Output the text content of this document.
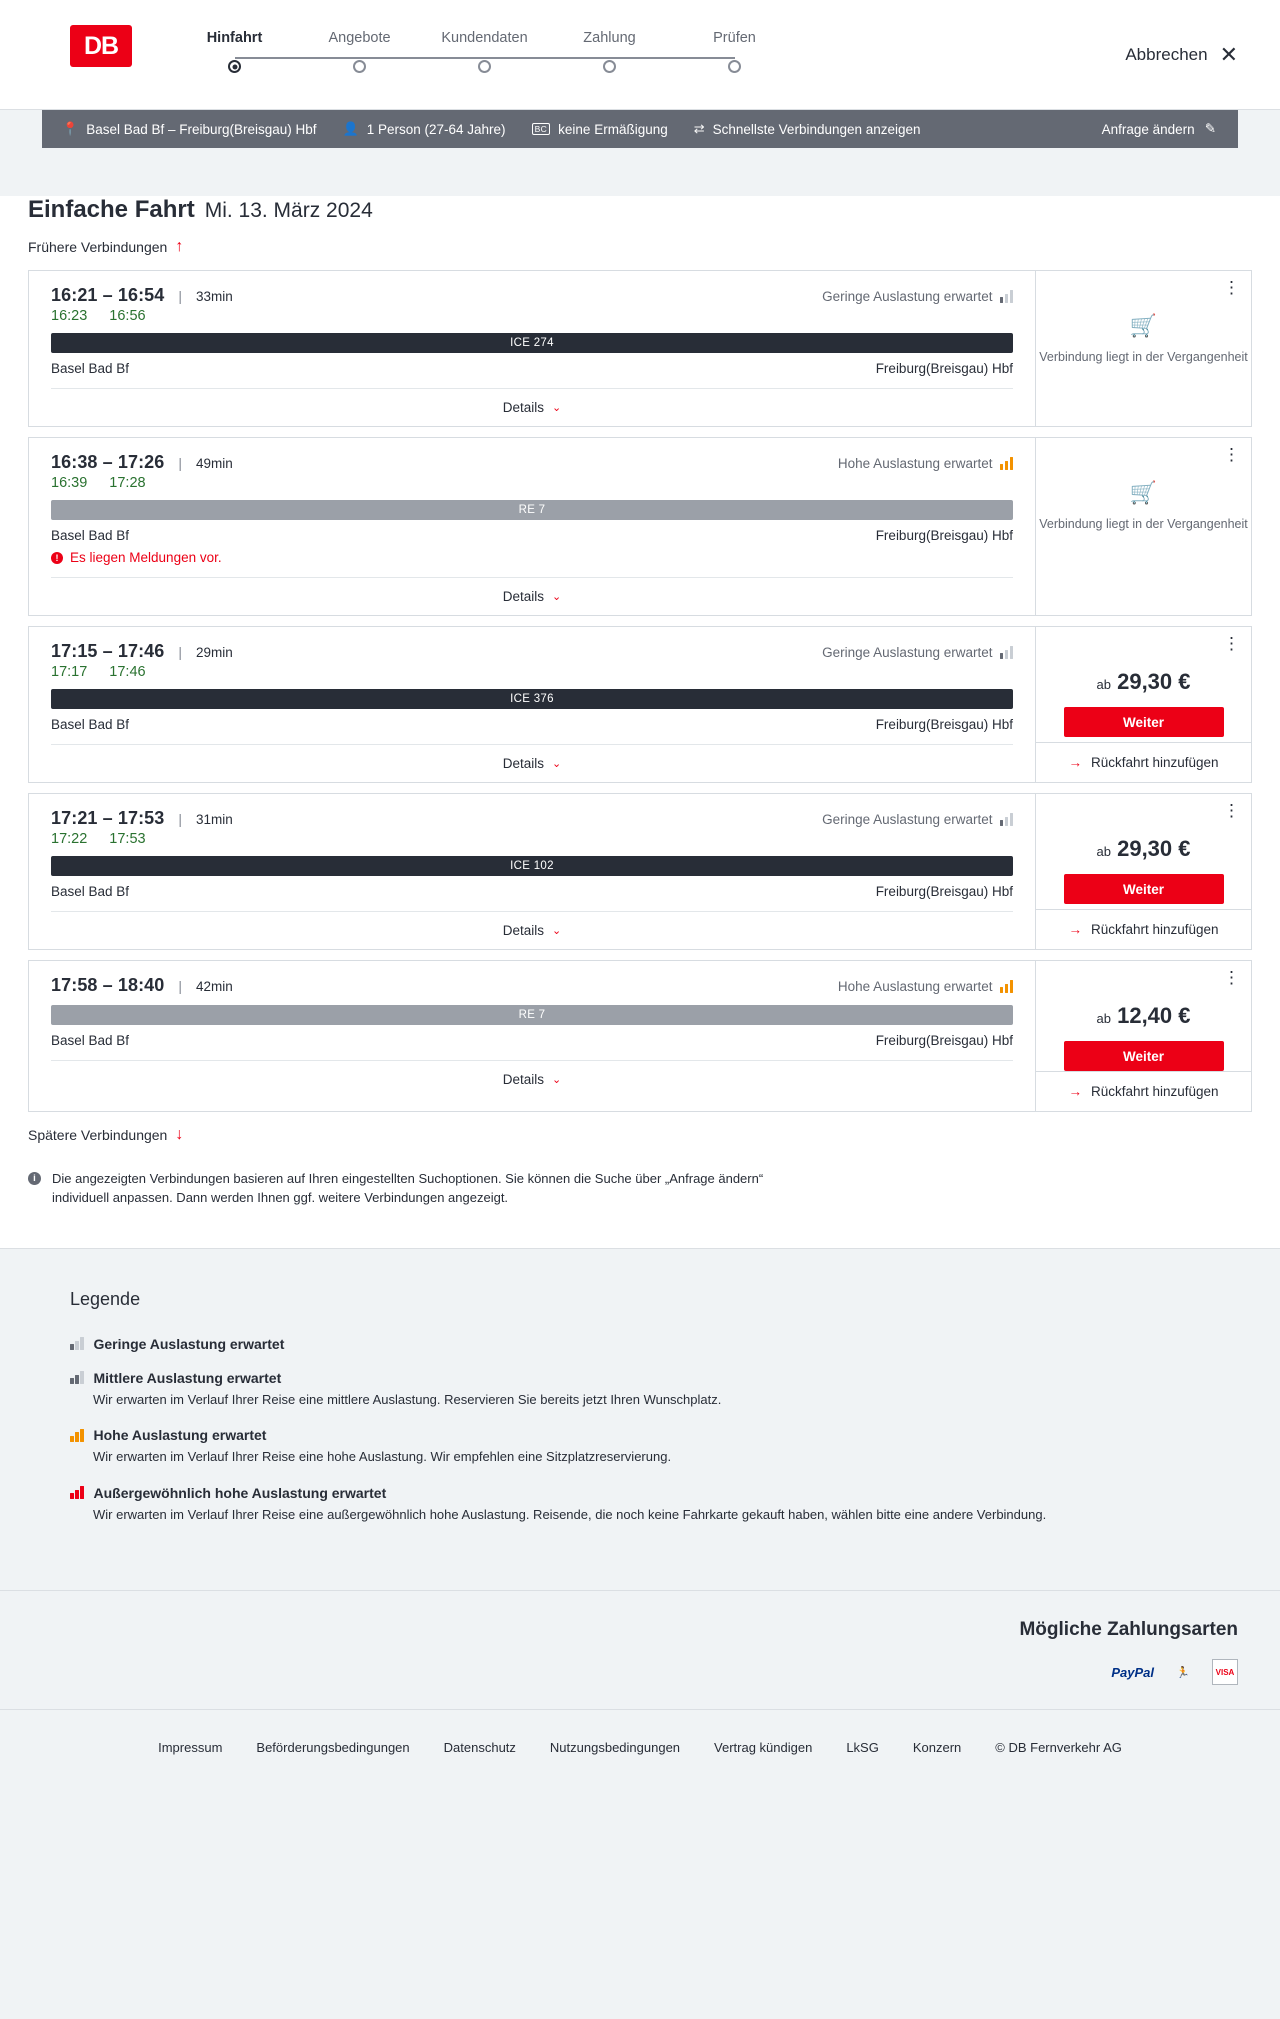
DB	Hinfahrt	Angebote	Kundendaten	Zahlung	Prüfen
Abbrechen ✕
📍 Basel Bad Bf – Freiburg(Breisgau) Hbf 👤 1 Person (27-64 Jahre)	BC keine Ermäßigung ⇄ Schnellste Verbindungen anzeigen	Anfrage ändern ✎
Einfache Fahrt Mi. 13. März 2024
Frühere Verbindungen ↑
16:21 – 16:54 | 33min	Geringe Auslastung erwartet
16:23 16:56
ICE 274
Basel Bad Bf	Freiburg(Breisgau) Hbf
Details ⌄
⋮
🛒
Verbindung liegt in der Vergangenheit
16:38 – 17:26 | 49min	Hohe Auslastung erwartet
16:39 17:28
RE 7
Basel Bad Bf	Freiburg(Breisgau) Hbf
! Es liegen Meldungen vor.
Details ⌄
⋮
🛒
Verbindung liegt in der Vergangenheit
17:15 – 17:46 | 29min	Geringe Auslastung erwartet
17:17 17:46
ICE 376
Basel Bad Bf	Freiburg(Breisgau) Hbf
Details ⌄
⋮
ab 29,30 €
Weiter
→ Rückfahrt hinzufügen
17:21 – 17:53 | 31min	Geringe Auslastung erwartet
17:22 17:53
ICE 102
Basel Bad Bf	Freiburg(Breisgau) Hbf
Details ⌄
⋮
ab 29,30 €
Weiter
→ Rückfahrt hinzufügen
17:58 – 18:40 | 42min	Hohe Auslastung erwartet
RE 7
Basel Bad Bf	Freiburg(Breisgau) Hbf
Details ⌄
⋮
ab 12,40 €
Weiter
→ Rückfahrt hinzufügen
Spätere Verbindungen ↓
i	Die angezeigten Verbindungen basieren auf Ihren eingestellten Suchoptionen. Sie können die Suche über „Anfrage ändern“ individuell anpassen. Dann werden Ihnen ggf. weitere Verbindungen angezeigt.
Legende
Geringe Auslastung erwartet
Mittlere Auslastung erwartet
Wir erwarten im Verlauf Ihrer Reise eine mittlere Auslastung. Reservieren Sie bereits jetzt Ihren Wunschplatz.
Hohe Auslastung erwartet
Wir erwarten im Verlauf Ihrer Reise eine hohe Auslastung. Wir empfehlen eine Sitzplatzreservierung.
Außergewöhnlich hohe Auslastung erwartet
Wir erwarten im Verlauf Ihrer Reise eine außergewöhnlich hohe Auslastung. Reisende, die noch keine Fahrkarte gekauft haben, wählen bitte eine andere Verbindung.
Mögliche Zahlungsarten
PayPal	🏃	VISA
Impressum	Beförderungsbedingungen	Datenschutz	Nutzungsbedingungen	Vertrag kündigen	LkSG	Konzern	© DB Fernverkehr AG
